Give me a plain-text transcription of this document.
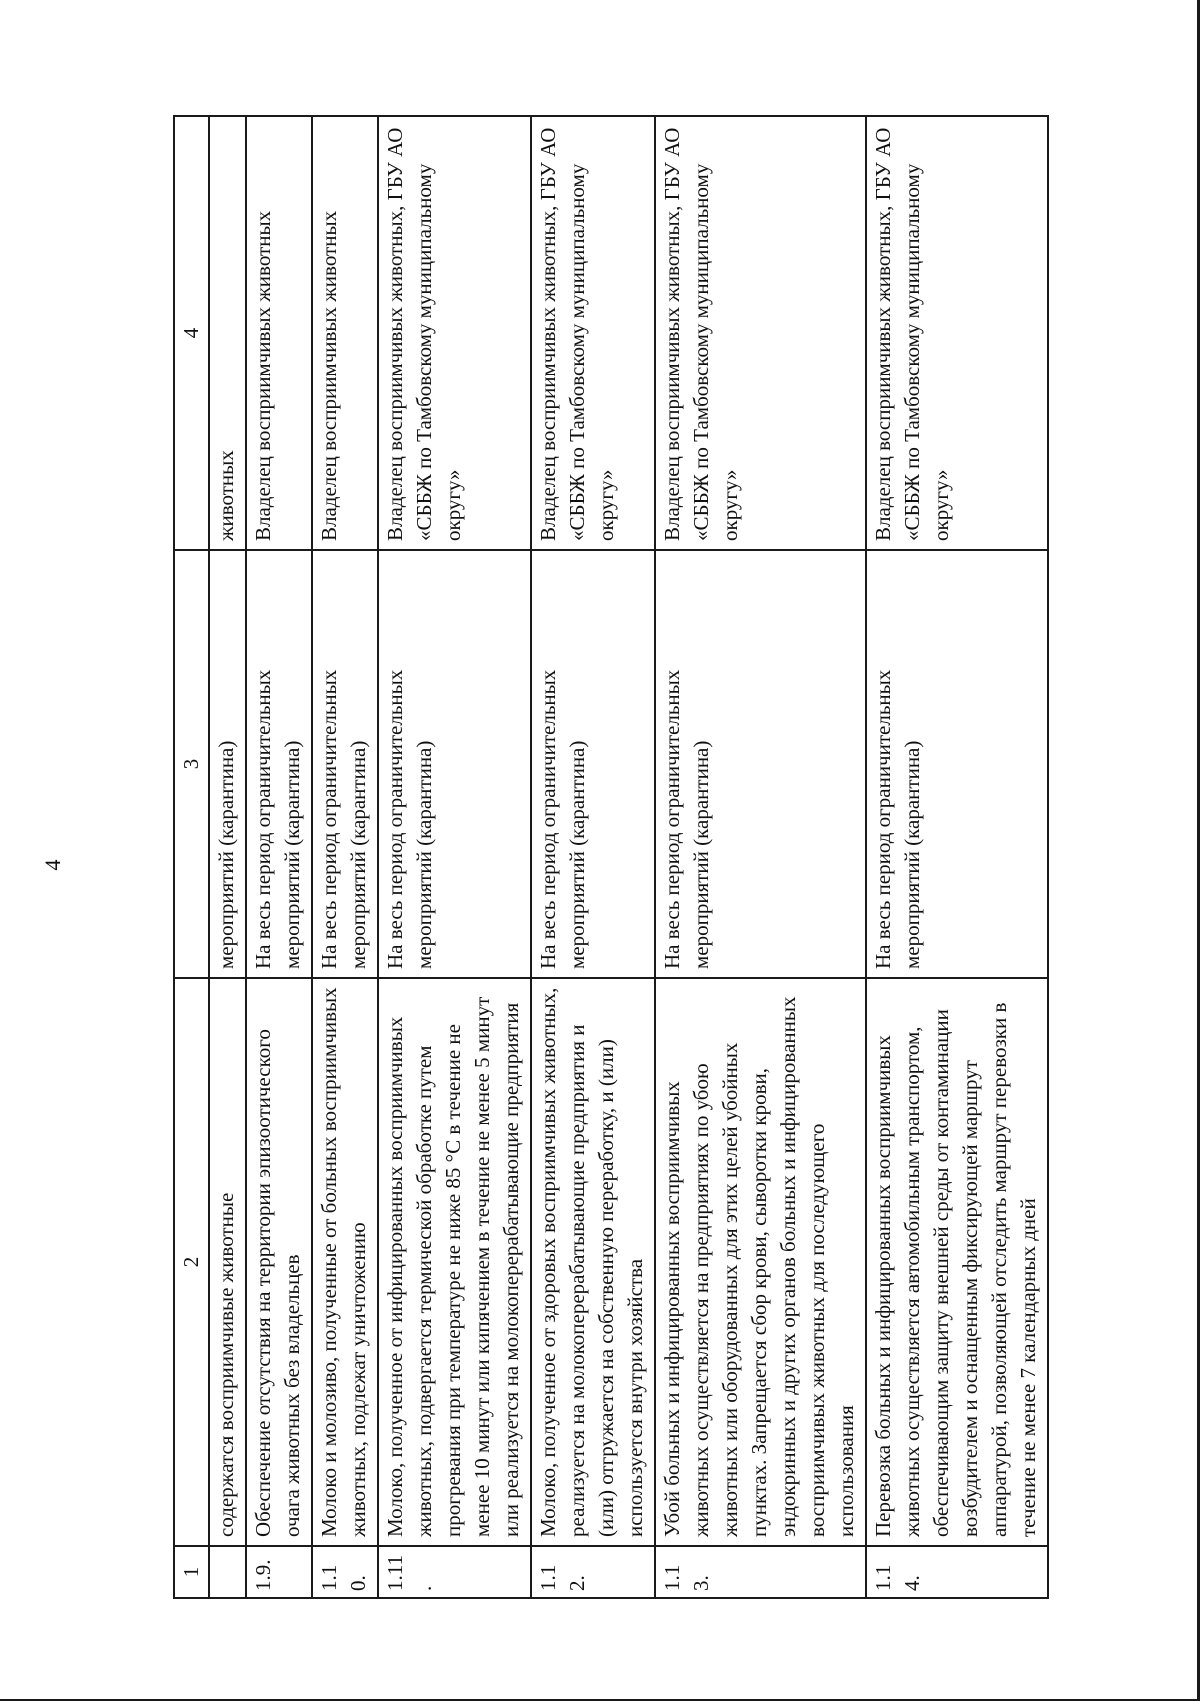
4
1	2	3	4
	содержатся восприимчивые животные	мероприятий (карантина)	животных
1.9.	Обеспечение отсутствия на территории эпизоотического очага животных без владельцев	На весь период ограничительных мероприятий (карантина)	Владелец восприимчивых животных
1.10.	Молоко и молозиво, полученные от больных восприимчивых животных, подлежат уничтожению	На весь период ограничительных мероприятий (карантина)	Владелец восприимчивых животных
1.11.	Молоко, полученное от инфицированных восприимчивых животных, подвергается термической обработке путем прогревания при температуре не ниже 85 °С в течение не менее 10 минут или кипячением в течение не менее 5 минут или реализуется на молокоперерабатывающие предприятия	На весь период ограничительных мероприятий (карантина)	Владелец восприимчивых животных, ГБУ АО «СББЖ по Тамбовскому муниципальному округу»
1.12.	Молоко, полученное от здоровых восприимчивых животных, реализуется на молокоперерабатывающие предприятия и (или) отгружается на собственную переработку, и (или) используется внутри хозяйства	На весь период ограничительных мероприятий (карантина)	Владелец восприимчивых животных, ГБУ АО «СББЖ по Тамбовскому муниципальному округу»
1.13.	Убой больных и инфицированных восприимчивых животных осуществляется на предприятиях по убою животных или оборудованных для этих целей убойных пунктах. Запрещается сбор крови, сыворотки крови, эндокринных и других органов больных и инфицированных восприимчивых животных для последующего использования	На весь период ограничительных мероприятий (карантина)	Владелец восприимчивых животных, ГБУ АО «СББЖ по Тамбовскому муниципальному округу»
1.14.	Перевозка больных и инфицированных восприимчивых животных осуществляется автомобильным транспортом, обеспечивающим защиту внешней среды от контаминации возбудителем и оснащенным фиксирующей маршрут аппаратурой, позволяющей отследить маршрут перевозки в течение не менее 7 календарных дней	На весь период ограничительных мероприятий (карантина)	Владелец восприимчивых животных, ГБУ АО «СББЖ по Тамбовскому муниципальному округу»
